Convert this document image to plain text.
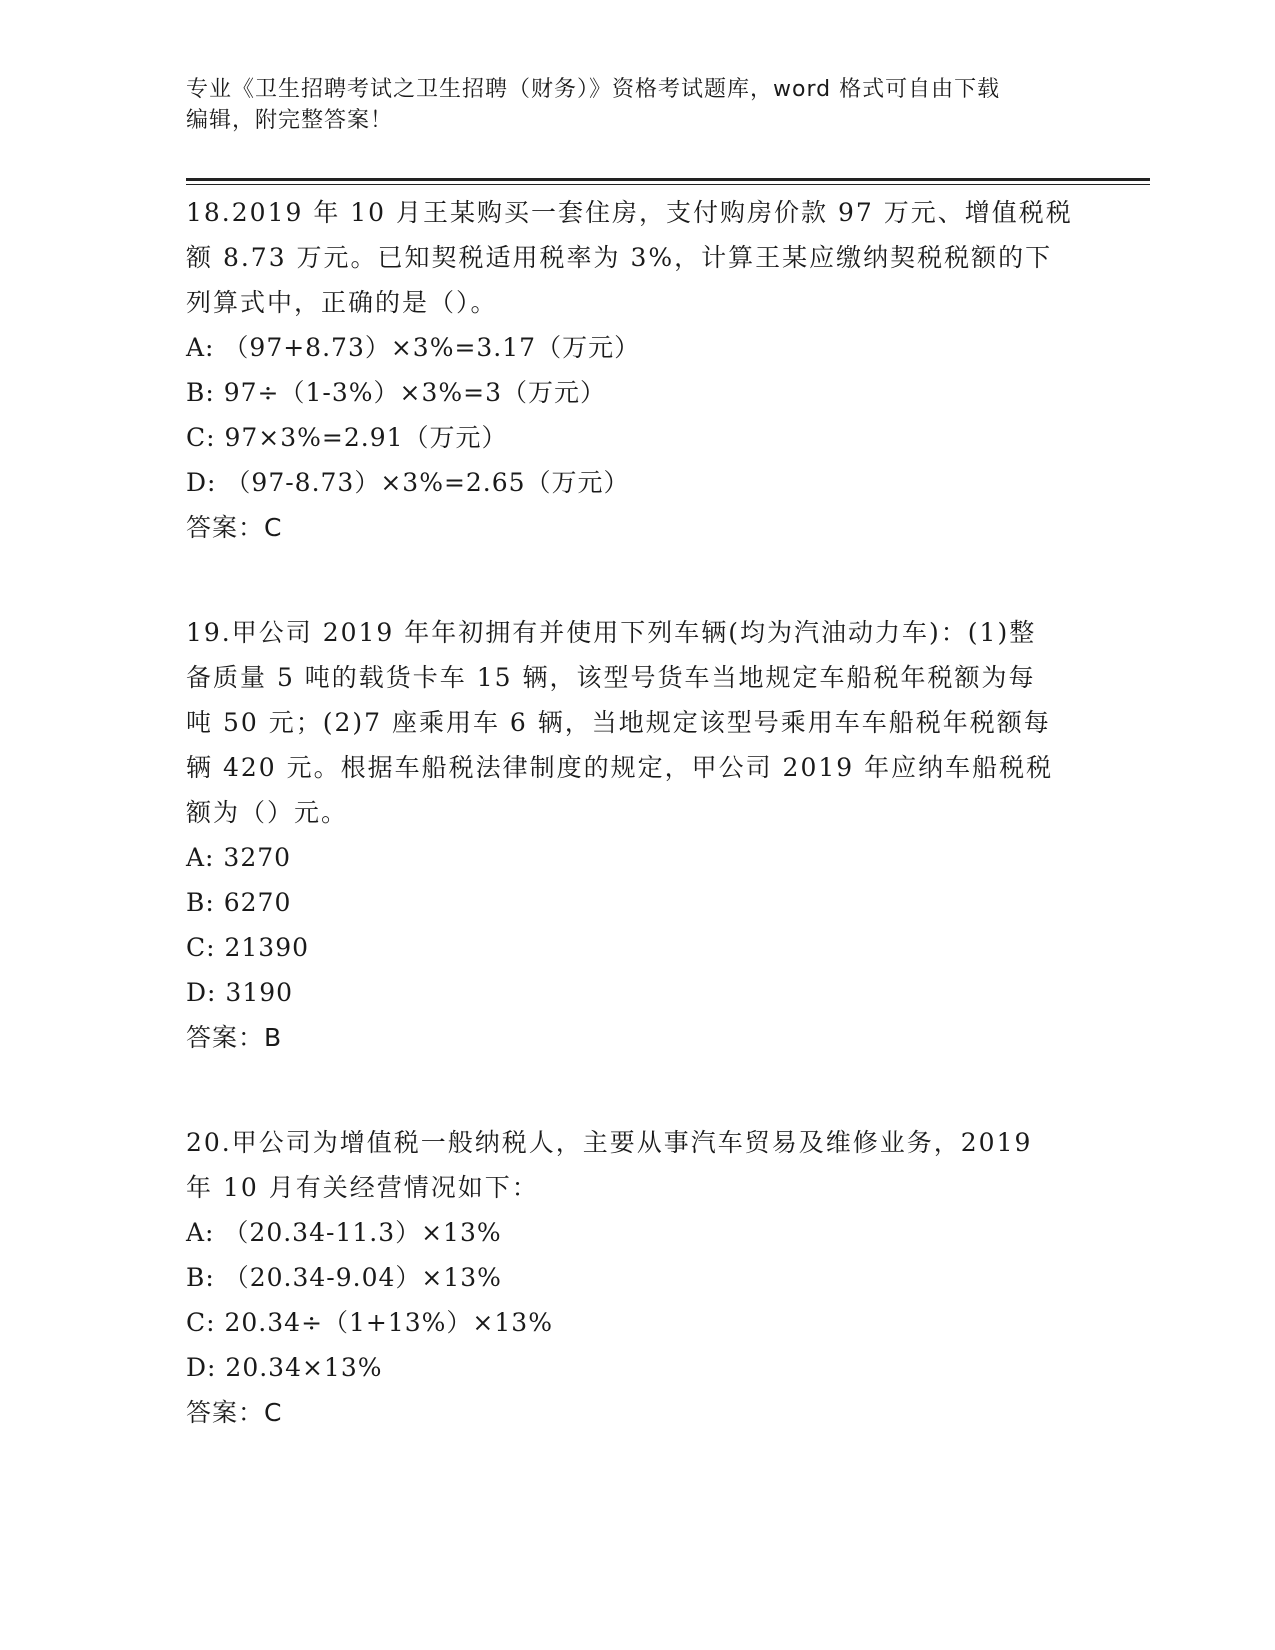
专业《卫生招聘考试之卫生招聘（财务）》资格考试题库，word 格式可自由下载
编辑，附完整答案！

18.2019 年 10 月王某购买一套住房，支付购房价款 97 万元、增值税税

额 8.73 万元。已知契税适用税率为 3%，计算王某应缴纳契税税额的下

列算式中，正确的是（）。

A: （97+8.73）×3%=3.17（万元）

B: 97÷（1-3%）×3%=3（万元）

C: 97×3%=2.91（万元）

D: （97-8.73）×3%=2.65（万元）

答案：C

19.甲公司 2019 年年初拥有并使用下列车辆(均为汽油动力车)：(1)整

备质量 5 吨的载货卡车 15 辆，该型号货车当地规定车船税年税额为每

吨 50 元；(2)7 座乘用车 6 辆，当地规定该型号乘用车车船税年税额每

辆 420 元。根据车船税法律制度的规定，甲公司 2019 年应纳车船税税

额为（）元。

A: 3270

B: 6270

C: 21390

D: 3190

答案：B

20.甲公司为增值税一般纳税人，主要从事汽车贸易及维修业务，2019

年 10 月有关经营情况如下：

A: （20.34-11.3）×13%

B: （20.34-9.04）×13%

C: 20.34÷（1+13%）×13%

D: 20.34×13%

答案：C
